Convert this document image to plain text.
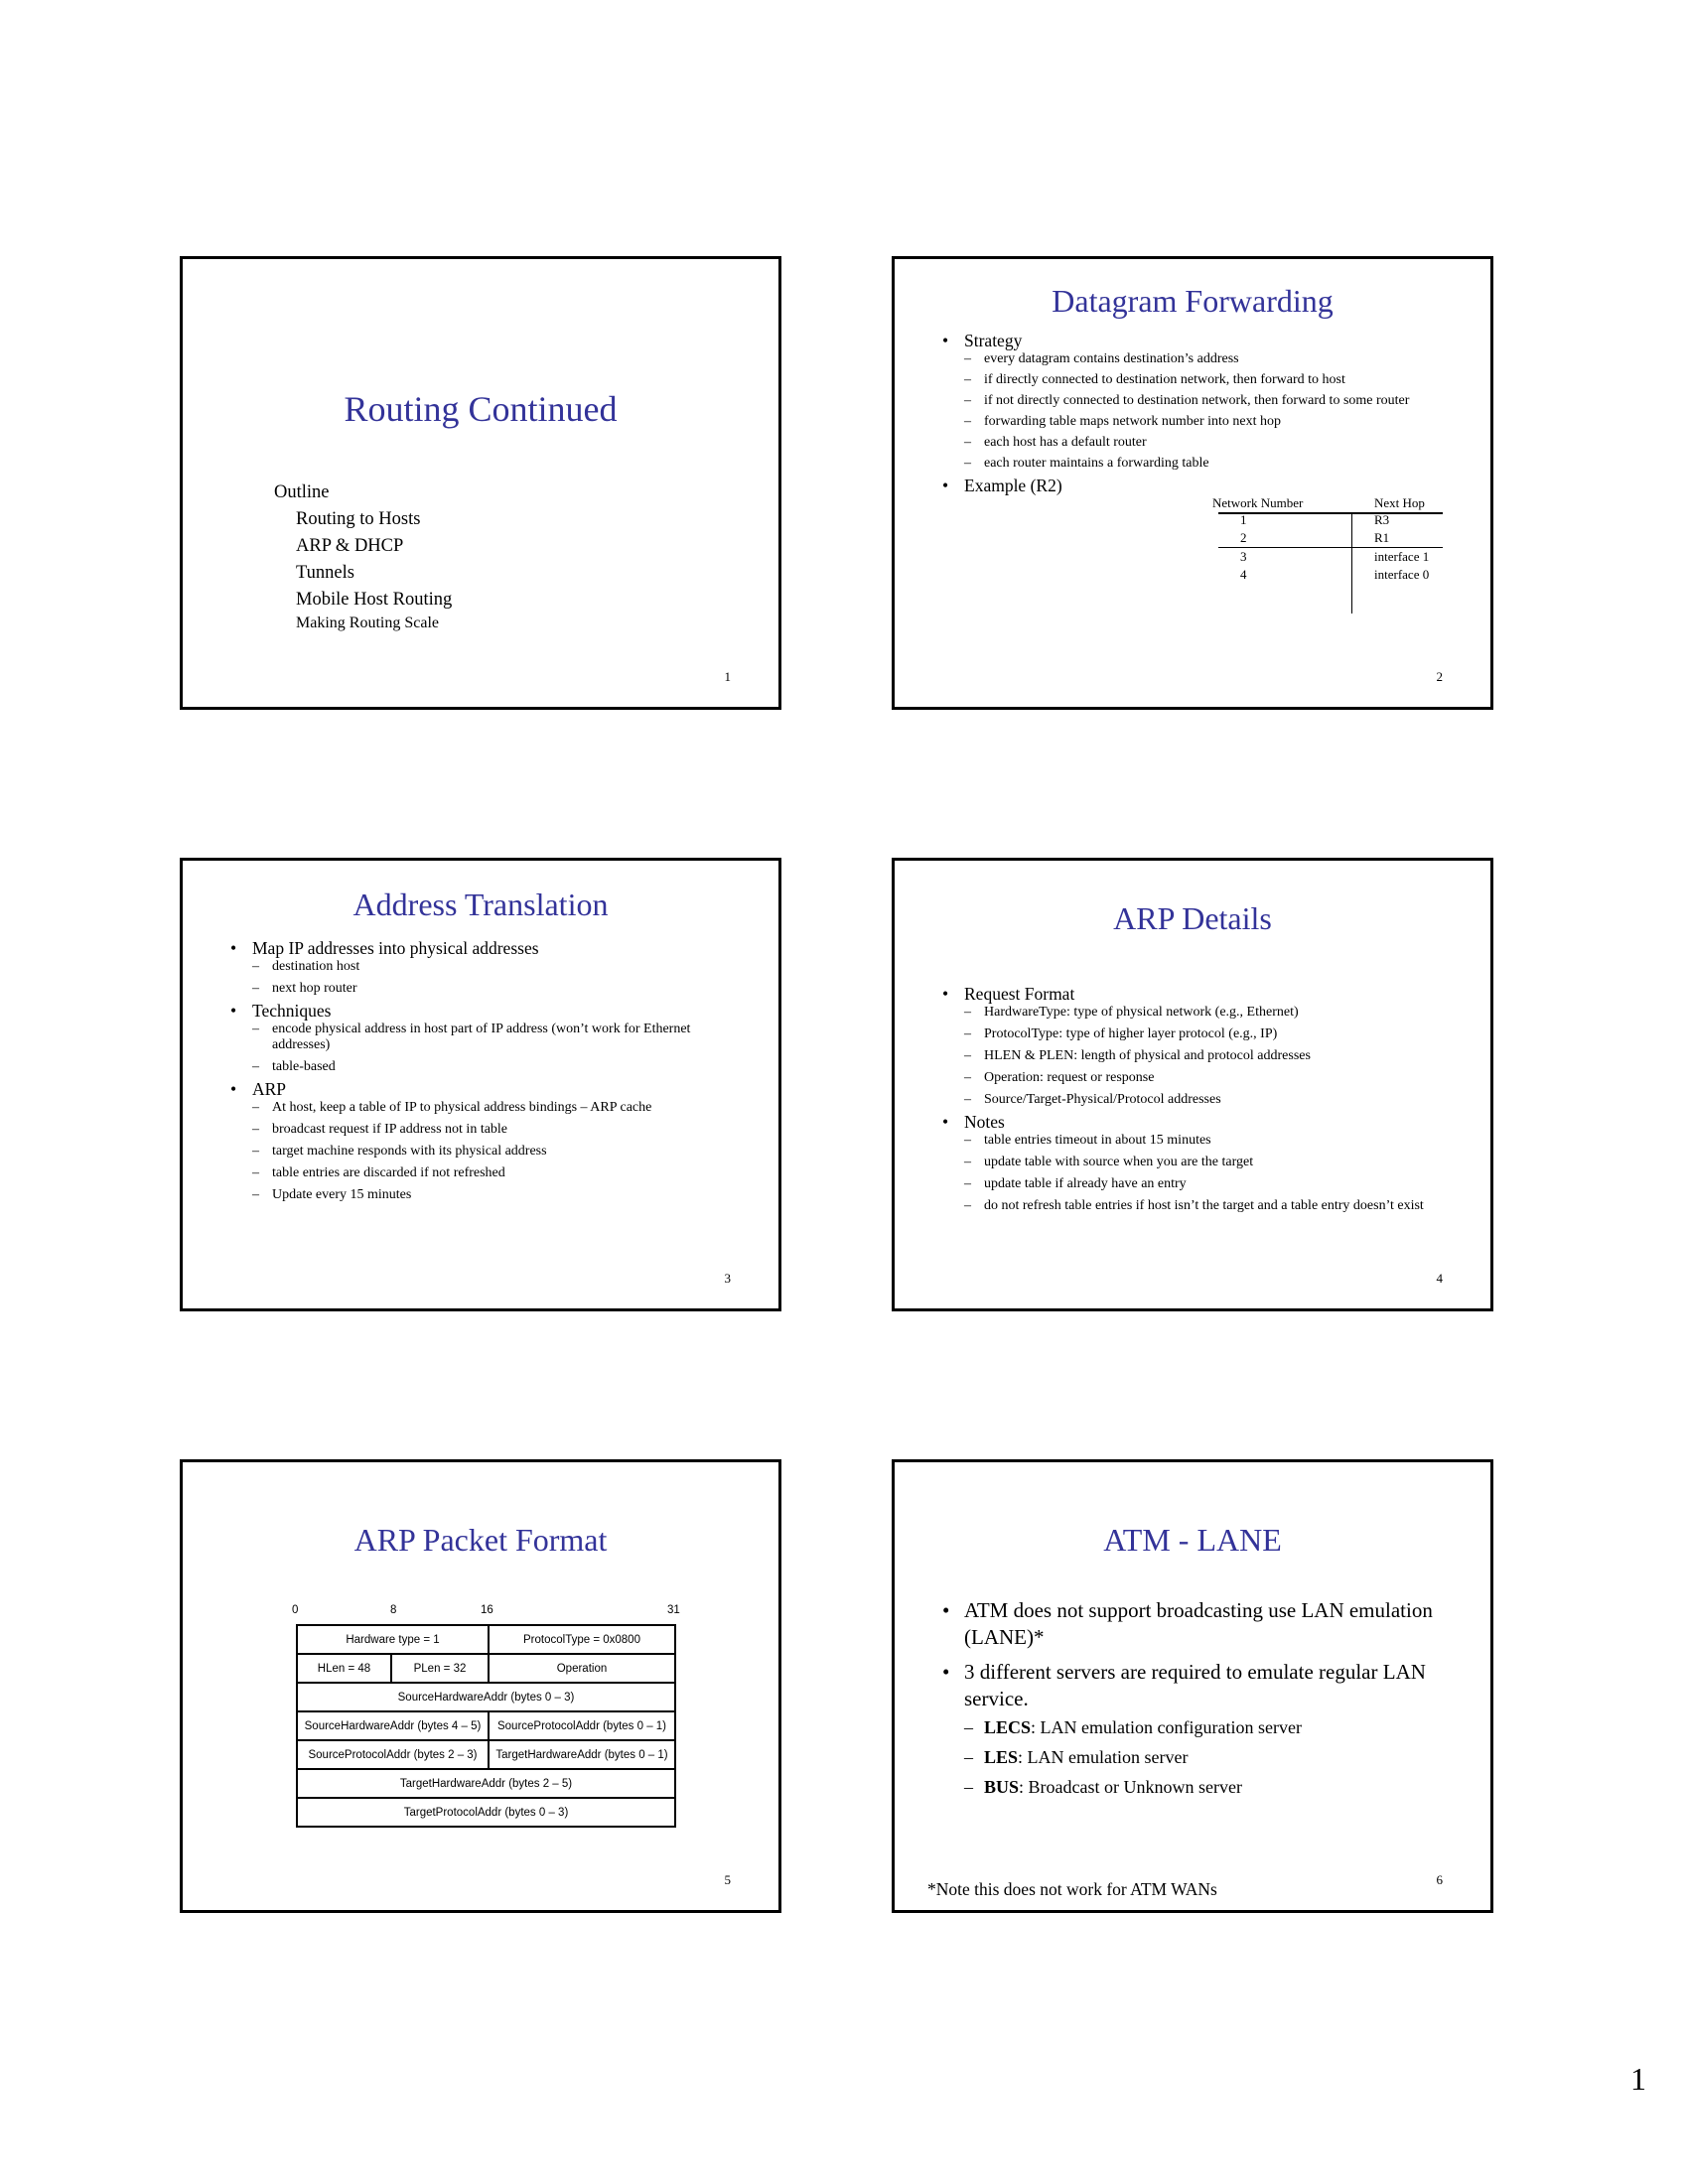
Routing Continued
Outline
Routing to Hosts
ARP & DHCP
Tunnels
Mobile Host Routing
Making Routing Scale
1
Datagram Forwarding
• Strategy
– every datagram contains destination’s address
– if directly connected to destination network, then forward to host
– if not directly connected to destination network, then forward to some router
– forwarding table maps network number into next hop
– each host has a default router
– each router maintains a forwarding table
• Example (R2)
Network Number	Next Hop
1	R3
2	R1
3	interface 1
4	interface 0
2
Address Translation
• Map IP addresses into physical addresses
– destination host
– next hop router
• Techniques
– encode physical address in host part of IP address (won’t work for Ethernet addresses)
– table-based
• ARP
– At host, keep a table of IP to physical address bindings – ARP cache
– broadcast request if IP address not in table
– target machine responds with its physical address
– table entries are discarded if not refreshed
– Update every 15 minutes
3
ARP Details
• Request Format
– HardwareType: type of physical network (e.g., Ethernet)
– ProtocolType: type of higher layer protocol (e.g., IP)
– HLEN & PLEN: length of physical and protocol addresses
– Operation: request or response
– Source/Target-Physical/Protocol addresses
• Notes
– table entries timeout in about 15 minutes
– update table with source when you are the target
– update table if already have an entry
– do not refresh table entries if host isn’t the target and a table entry doesn’t exist
4
ARP Packet Format
0	8	16	31
Hardware type = 1	ProtocolType = 0x0800
HLen = 48	PLen = 32	Operation
SourceHardwareAddr (bytes 0 – 3)
SourceHardwareAddr (bytes 4 – 5)	SourceProtocolAddr (bytes 0 – 1)
SourceProtocolAddr (bytes 2 – 3)	TargetHardwareAddr (bytes 0 – 1)
TargetHardwareAddr (bytes 2 – 5)
TargetProtocolAddr (bytes 0 – 3)
5
ATM - LANE
• ATM does not support broadcasting use LAN emulation (LANE)*
• 3 different servers are required to emulate regular LAN service.
– LECS: LAN emulation configuration server
– LES: LAN emulation server
– BUS: Broadcast or Unknown server
*Note this does not work for ATM WANs	6
1
